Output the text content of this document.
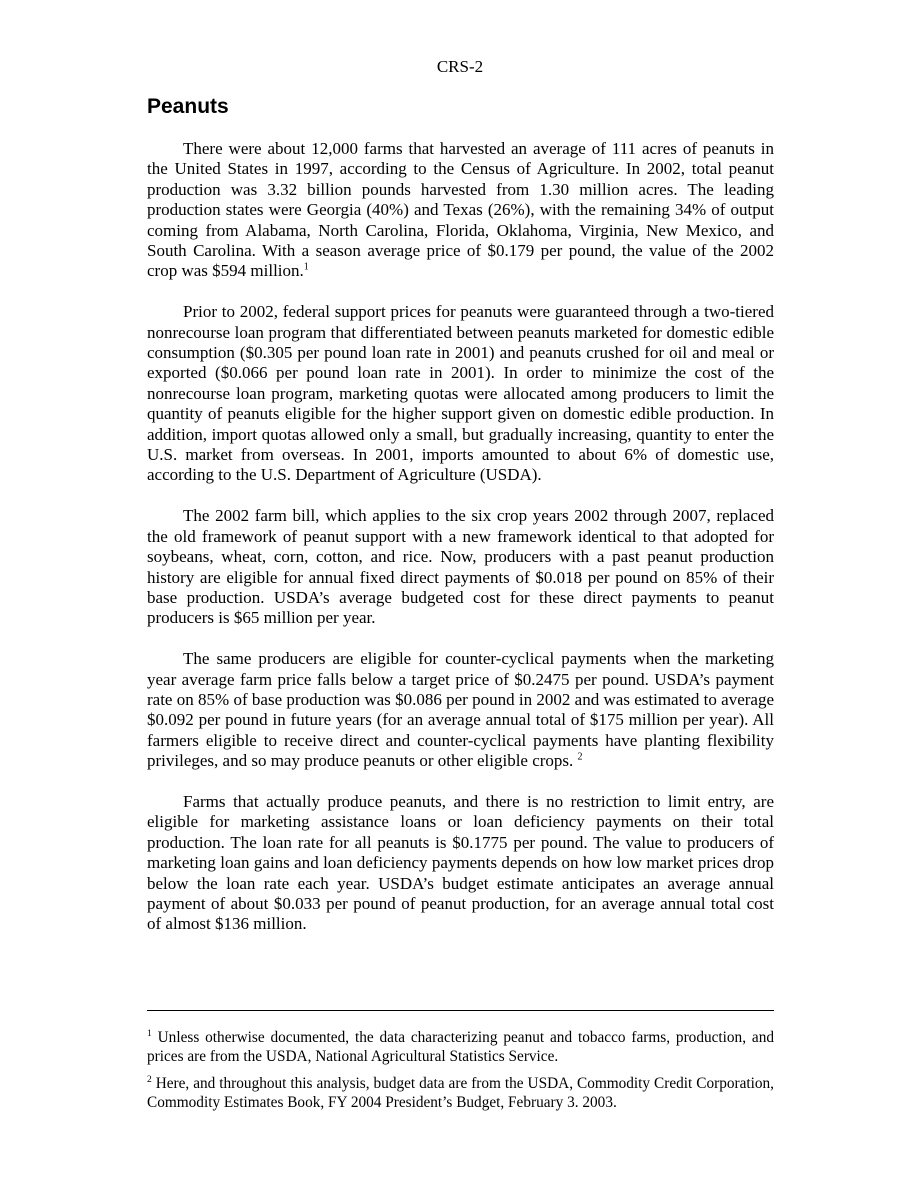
CRS-2
Peanuts

There were about 12,000 farms that harvested an average of 111 acres of peanuts in the United States in 1997, according to the Census of Agriculture. In 2002, total peanut production was 3.32 billion pounds harvested from 1.30 million acres. The leading production states were Georgia (40%) and Texas (26%), with the remaining 34% of output coming from Alabama, North Carolina, Florida, Oklahoma, Virginia, New Mexico, and South Carolina. With a season average price of $0.179 per pound, the value of the 2002 crop was $594 million.$^1$

Prior to 2002, federal support prices for peanuts were guaranteed through a two-tiered nonrecourse loan program that differentiated between peanuts marketed for domestic edible consumption ($0.305 per pound loan rate in 2001) and peanuts crushed for oil and meal or exported ($0.066 per pound loan rate in 2001). In order to minimize the cost of the nonrecourse loan program, marketing quotas were allocated among producers to limit the quantity of peanuts eligible for the higher support given on domestic edible production. In addition, import quotas allowed only a small, but gradually increasing, quantity to enter the U.S. market from overseas. In 2001, imports amounted to about 6% of domestic use, according to the U.S. Department of Agriculture (USDA).

The 2002 farm bill, which applies to the six crop years 2002 through 2007, replaced the old framework of peanut support with a new framework identical to that adopted for soybeans, wheat, corn, cotton, and rice. Now, producers with a past peanut production history are eligible for annual fixed direct payments of $0.018 per pound on 85% of their base production. USDA’s average budgeted cost for these direct payments to peanut producers is $65 million per year.

The same producers are eligible for counter-cyclical payments when the marketing year average farm price falls below a target price of $0.2475 per pound. USDA’s payment rate on 85% of base production was $0.086 per pound in 2002 and was estimated to average $0.092 per pound in future years (for an average annual total of $175 million per year). All farmers eligible to receive direct and counter-cyclical payments have planting flexibility privileges, and so may produce peanuts or other eligible crops. $^2$

Farms that actually produce peanuts, and there is no restriction to limit entry, are eligible for marketing assistance loans or loan deficiency payments on their total production. The loan rate for all peanuts is $0.1775 per pound. The value to producers of marketing loan gains and loan deficiency payments depends on how low market prices drop below the loan rate each year. USDA’s budget estimate anticipates an average annual payment of about $0.033 per pound of peanut production, for an average annual total cost of almost $136 million.

$^1$ Unless otherwise documented, the data characterizing peanut and tobacco farms, production, and prices are from the USDA, National Agricultural Statistics Service.

$^2$ Here, and throughout this analysis, budget data are from the USDA, Commodity Credit Corporation, Commodity Estimates Book, FY 2004 President’s Budget, February 3. 2003.
